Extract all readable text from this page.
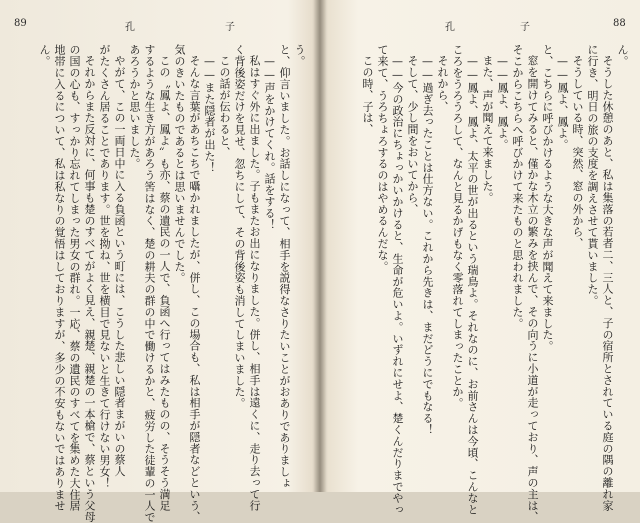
89	孔	子
う。
と、仰言いました。お話しになって、相手を説得なさりたいことがおありでありましょ
——声をかけてくれ。話をする！
私はすぐ外に出ました。子もまたお出になりました。併し、相手は遠くに、走り去って行
く背後姿だけを見せ、忽ちにして、その背後姿も消してしまいました。
この話が伝わると、
——また隠者が出た！
そんな言葉があちこちで囁かれましたが、併し、この場合も、私は相手が隠者などという、
気のきいたものであるとは思いませんでした。
この〝鳳よ、鳳よ〟も亦、蔡の遺民の一人で、負函へ行ってはみたものの、そうそう満足
するような生き方があろう筈はなく、楚の耕夫の群の中で働けるかと、疲労した徒輩の一人で
あろうかと思いました。
やがて、この一両日中に入る負函という町には、こうした悲しい隠者まがいの蔡人
がたくさん居ることであります。世を拗ね、世を横目で見ないと生きて行けない男女！
それからまた反対に、何事も楚のすべてがよく見え、親楚、親楚の一本槍で、蔡という父母
の国の心も、すっかり忘れてしまった男女の群れ。一応、蔡の遺民のすべてを集めた大住居
地帯に入るについて、私は私なりの覚悟はしておりますが、多少の不安もないではありませ
ん。
孔	子	88
ん。
そうした休憩のあと、私は集落の若者二、三人と、子の宿所とされている庭の隅の離れ家
に行き、明日の旅の支度を調えさせて貰いました。
そうしている時、突然、窓の外から、
——鳳よ、鳳よ。
と、こちらに呼びかけるような大きな声が聞えて来ました。
窓を開けてみると、僅かな木立の繁みを挟んで、その向うに小道が走っており、声の主は、
そこからこちらへ呼びかけて来たものと思われました。
——鳳よ、鳳よ。
また、声が聞えて来ました。
——鳳よ、鳳よ、太平の世が出るという瑞鳥よ。それなのに、お前さんは今頃、こんなと
ころをうろうろして、なんと見るかげもなく零落れてしまったことか。
それから、
——過ぎ去ったことは仕方ない。これから先きは、まだどうにでもなる！
そして、少し間をおいてから、
——今の政治にちょっかいかけると、生命が危いよ。いずれにせよ、楚くんだりまでやっ
て来て、うろちょろするのはやめるんだな。
この時、子は、
